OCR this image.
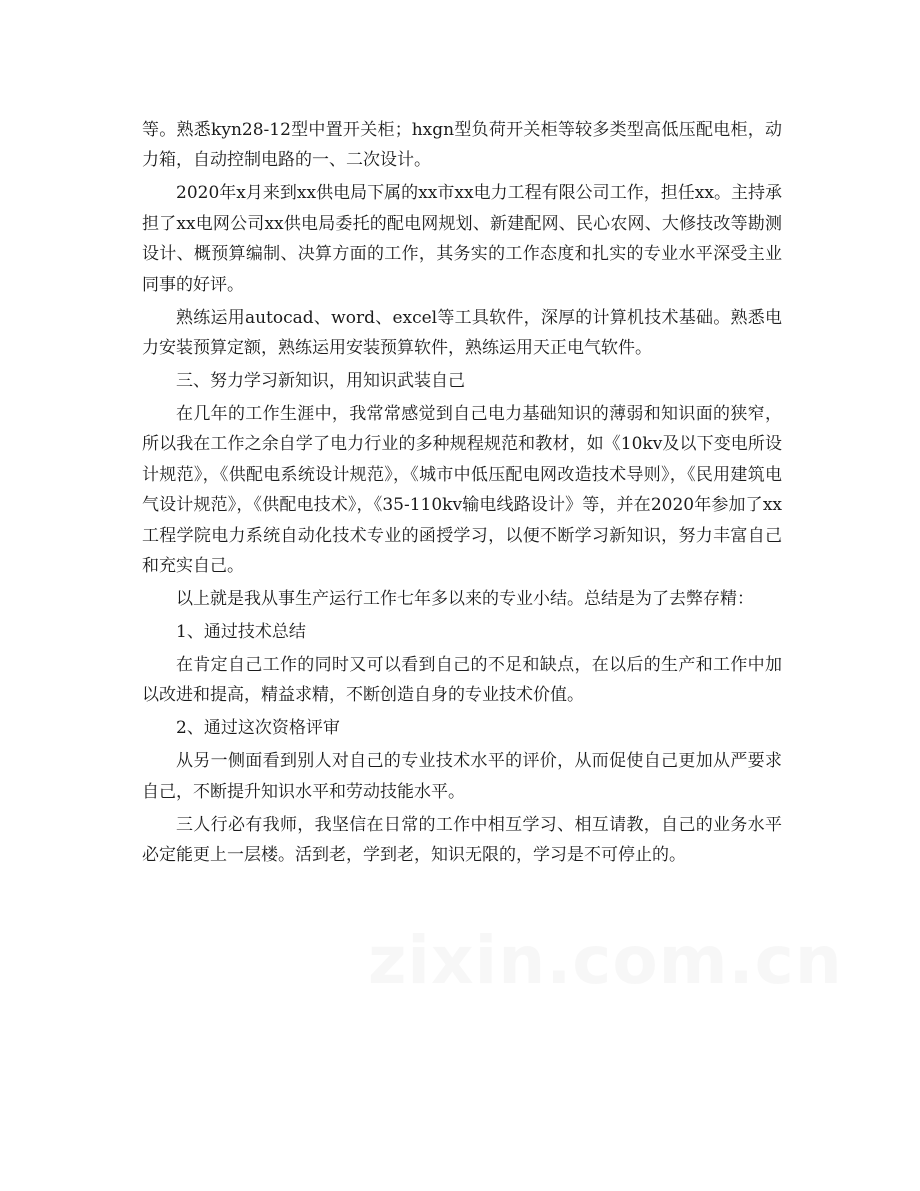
等。熟悉kyn28-12型中置开关柜；hxgn型负荷开关柜等较多类型高低压配电柜，动力箱，自动控制电路的一、二次设计。

2020年x月来到xx供电局下属的xx市xx电力工程有限公司工作，担任xx。主持承担了xx电网公司xx供电局委托的配电网规划、新建配网、民心农网、大修技改等勘测设计、概预算编制、决算方面的工作，其务实的工作态度和扎实的专业水平深受主业同事的好评。

熟练运用autocad、word、excel等工具软件，深厚的计算机技术基础。熟悉电力安装预算定额，熟练运用安装预算软件，熟练运用天正电气软件。

三、努力学习新知识，用知识武装自己

在几年的工作生涯中，我常常感觉到自己电力基础知识的薄弱和知识面的狭窄，所以我在工作之余自学了电力行业的多种规程规范和教材，如《10kv及以下变电所设计规范》，《供配电系统设计规范》，《城市中低压配电网改造技术导则》，《民用建筑电气设计规范》，《供配电技术》，《35-110kv输电线路设计》等，并在2020年参加了xx工程学院电力系统自动化技术专业的函授学习，以便不断学习新知识，努力丰富自己和充实自己。

以上就是我从事生产运行工作七年多以来的专业小结。总结是为了去弊存精：

1、通过技术总结

在肯定自己工作的同时又可以看到自己的不足和缺点，在以后的生产和工作中加以改进和提高，精益求精，不断创造自身的专业技术价值。

2、通过这次资格评审

从另一侧面看到别人对自己的专业技术水平的评价，从而促使自己更加从严要求自己，不断提升知识水平和劳动技能水平。

三人行必有我师，我坚信在日常的工作中相互学习、相互请教，自己的业务水平必定能更上一层楼。活到老，学到老，知识无限的，学习是不可停止的。

zixin.com.cn
